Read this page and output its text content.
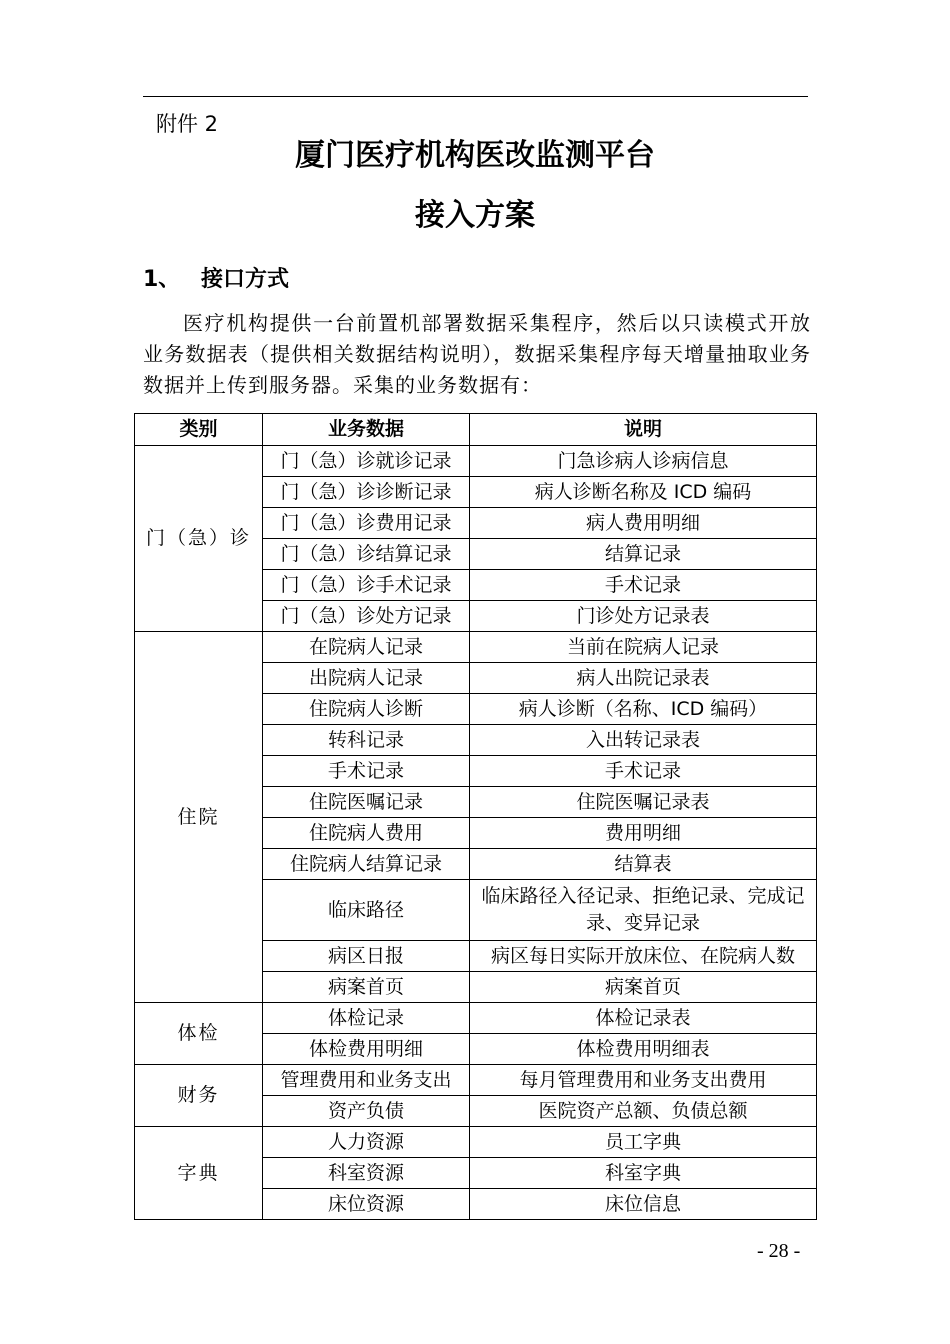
附件 2
厦门医疗机构医改监测平台
接入方案
1、 接口方式

医疗机构提供一台前置机部署数据采集程序，然后以只读模式开放业务数据表（提供相关数据结构说明），数据采集程序每天增量抽取业务数据并上传到服务器。采集的业务数据有：

类别	业务数据	说明
门（急）诊	门（急）诊就诊记录	门急诊病人诊病信息
	门（急）诊诊断记录	病人诊断名称及 ICD 编码
	门（急）诊费用记录	病人费用明细
	门（急）诊结算记录	结算记录
	门（急）诊手术记录	手术记录
	门（急）诊处方记录	门诊处方记录表
住院	在院病人记录	当前在院病人记录
	出院病人记录	病人出院记录表
	住院病人诊断	病人诊断（名称、ICD 编码）
	转科记录	入出转记录表
	手术记录	手术记录
	住院医嘱记录	住院医嘱记录表
	住院病人费用	费用明细
	住院病人结算记录	结算表
	临床路径	临床路径入径记录、拒绝记录、完成记录、变异记录
	病区日报	病区每日实际开放床位、在院病人数
	病案首页	病案首页
体检	体检记录	体检记录表
	体检费用明细	体检费用明细表
财务	管理费用和业务支出	每月管理费用和业务支出费用
	资产负债	医院资产总额、负债总额
字典	人力资源	员工字典
	科室资源	科室字典
	床位资源	床位信息
- 28 -
